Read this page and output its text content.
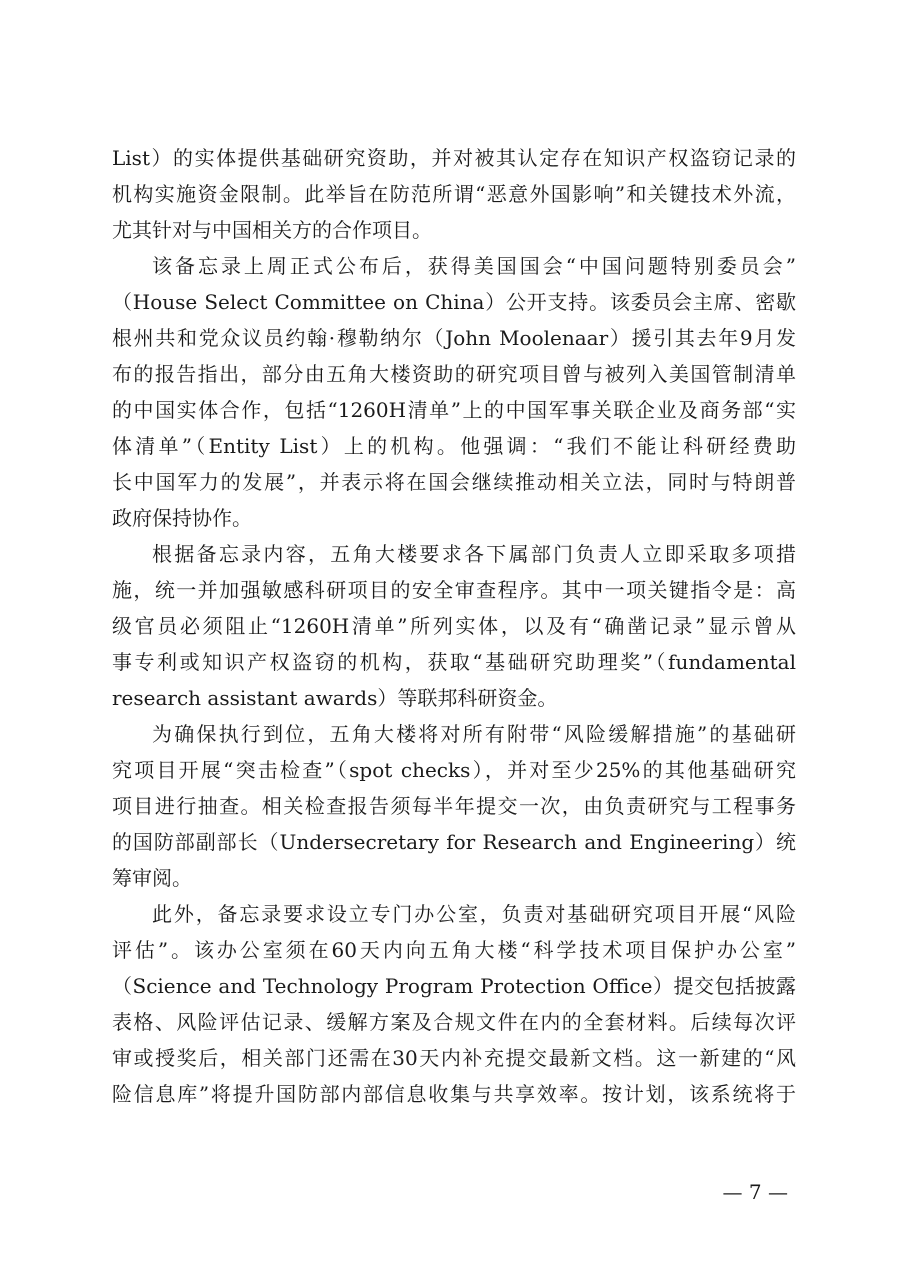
List）的实体提供基础研究资助，并对被其认定存在知识产权盗窃记录的
机构实施资金限制。此举旨在防范所谓“恶意外国影响”和关键技术外流，
尤其针对与中国相关方的合作项目。
该备忘录上周正式公布后，获得美国国会“中国问题特别委员会”
（House Select Committee on China）公开支持。该委员会主席、密歇
根州共和党众议员约翰·穆勒纳尔（John Moolenaar）援引其去年9月发
布的报告指出，部分由五角大楼资助的研究项目曾与被列入美国管制清单
的中国实体合作，包括“1260H清单”上的中国军事关联企业及商务部“实
体清单”（Entity List）上的机构。他强调：“我们不能让科研经费助
长中国军力的发展”，并表示将在国会继续推动相关立法，同时与特朗普
政府保持协作。
根据备忘录内容，五角大楼要求各下属部门负责人立即采取多项措
施，统一并加强敏感科研项目的安全审查程序。其中一项关键指令是：高
级官员必须阻止“1260H清单”所列实体，以及有“确凿记录”显示曾从
事专利或知识产权盗窃的机构，获取“基础研究助理奖”（fundamental
research assistant awards）等联邦科研资金。
为确保执行到位，五角大楼将对所有附带“风险缓解措施”的基础研
究项目开展“突击检查”（spot checks），并对至少25%的其他基础研究
项目进行抽查。相关检查报告须每半年提交一次，由负责研究与工程事务
的国防部副部长（Undersecretary for Research and Engineering）统
筹审阅。
此外，备忘录要求设立专门办公室，负责对基础研究项目开展“风险
评估”。该办公室须在60天内向五角大楼“科学技术项目保护办公室”
（Science and Technology Program Protection Office）提交包括披露
表格、风险评估记录、缓解方案及合规文件在内的全套材料。后续每次评
审或授奖后，相关部门还需在30天内补充提交最新文档。这一新建的“风
险信息库”将提升国防部内部信息收集与共享效率。按计划，该系统将于
— 7 —
